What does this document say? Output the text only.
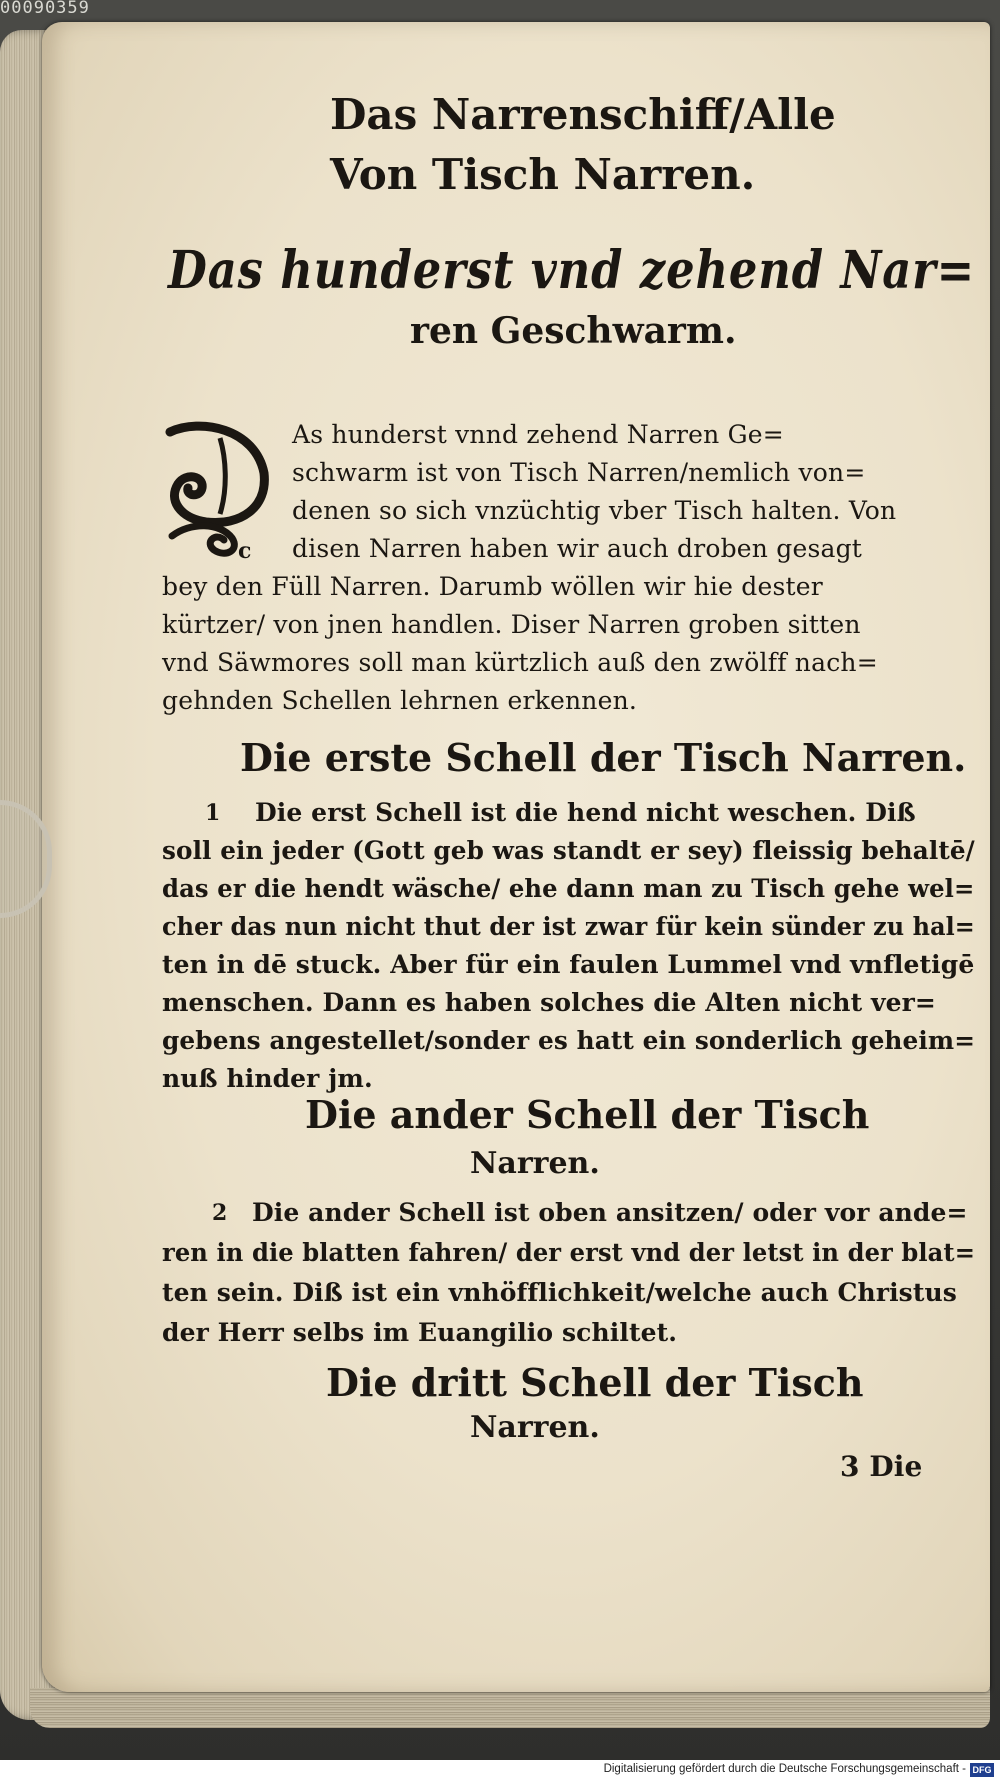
00090359
Das Narrenschiff/Alle
Von Tisch Narren.
Das hunderst vnd zehend Nar=
ren Geschwarm.
c
As hunderst vnnd zehend Narren Ge=
schwarm ist von Tisch Narren/nemlich von=
denen so sich vnzüchtig vber Tisch halten. Von
disen Narren haben wir auch droben gesagt
bey den Füll Narren. Darumb wöllen wir hie dester
kürtzer/ von jnen handlen. Diser Narren groben sitten
vnd Säwmores soll man kürtzlich auß den zwölff nach=
gehnden Schellen lehrnen erkennen.
Die erste Schell der Tisch Narren.
1 Die erst Schell ist die hend nicht weschen. Diß
soll ein jeder (Gott geb was standt er sey) fleissig behaltē/
das er die hendt wäsche/ ehe dann man zu Tisch gehe wel=
cher das nun nicht thut der ist zwar für kein sünder zu hal=
ten in dē stuck. Aber für ein faulen Lummel vnd vnfletigē
menschen. Dann es haben solches die Alten nicht ver=
gebens angestellet/sonder es hatt ein sonderlich geheim=
nuß hinder jm.
Die ander Schell der Tisch
Narren.
2 Die ander Schell ist oben ansitzen/ oder vor ande=
ren in die blatten fahren/ der erst vnd der letst in der blat=
ten sein. Diß ist ein vnhöfflichkeit/welche auch Christus
der Herr selbs im Euangilio schiltet.
Die dritt Schell der Tisch
Narren.
3 Die
Digitalisierung gefördert durch die Deutsche Forschungsgemeinschaft - DFG
